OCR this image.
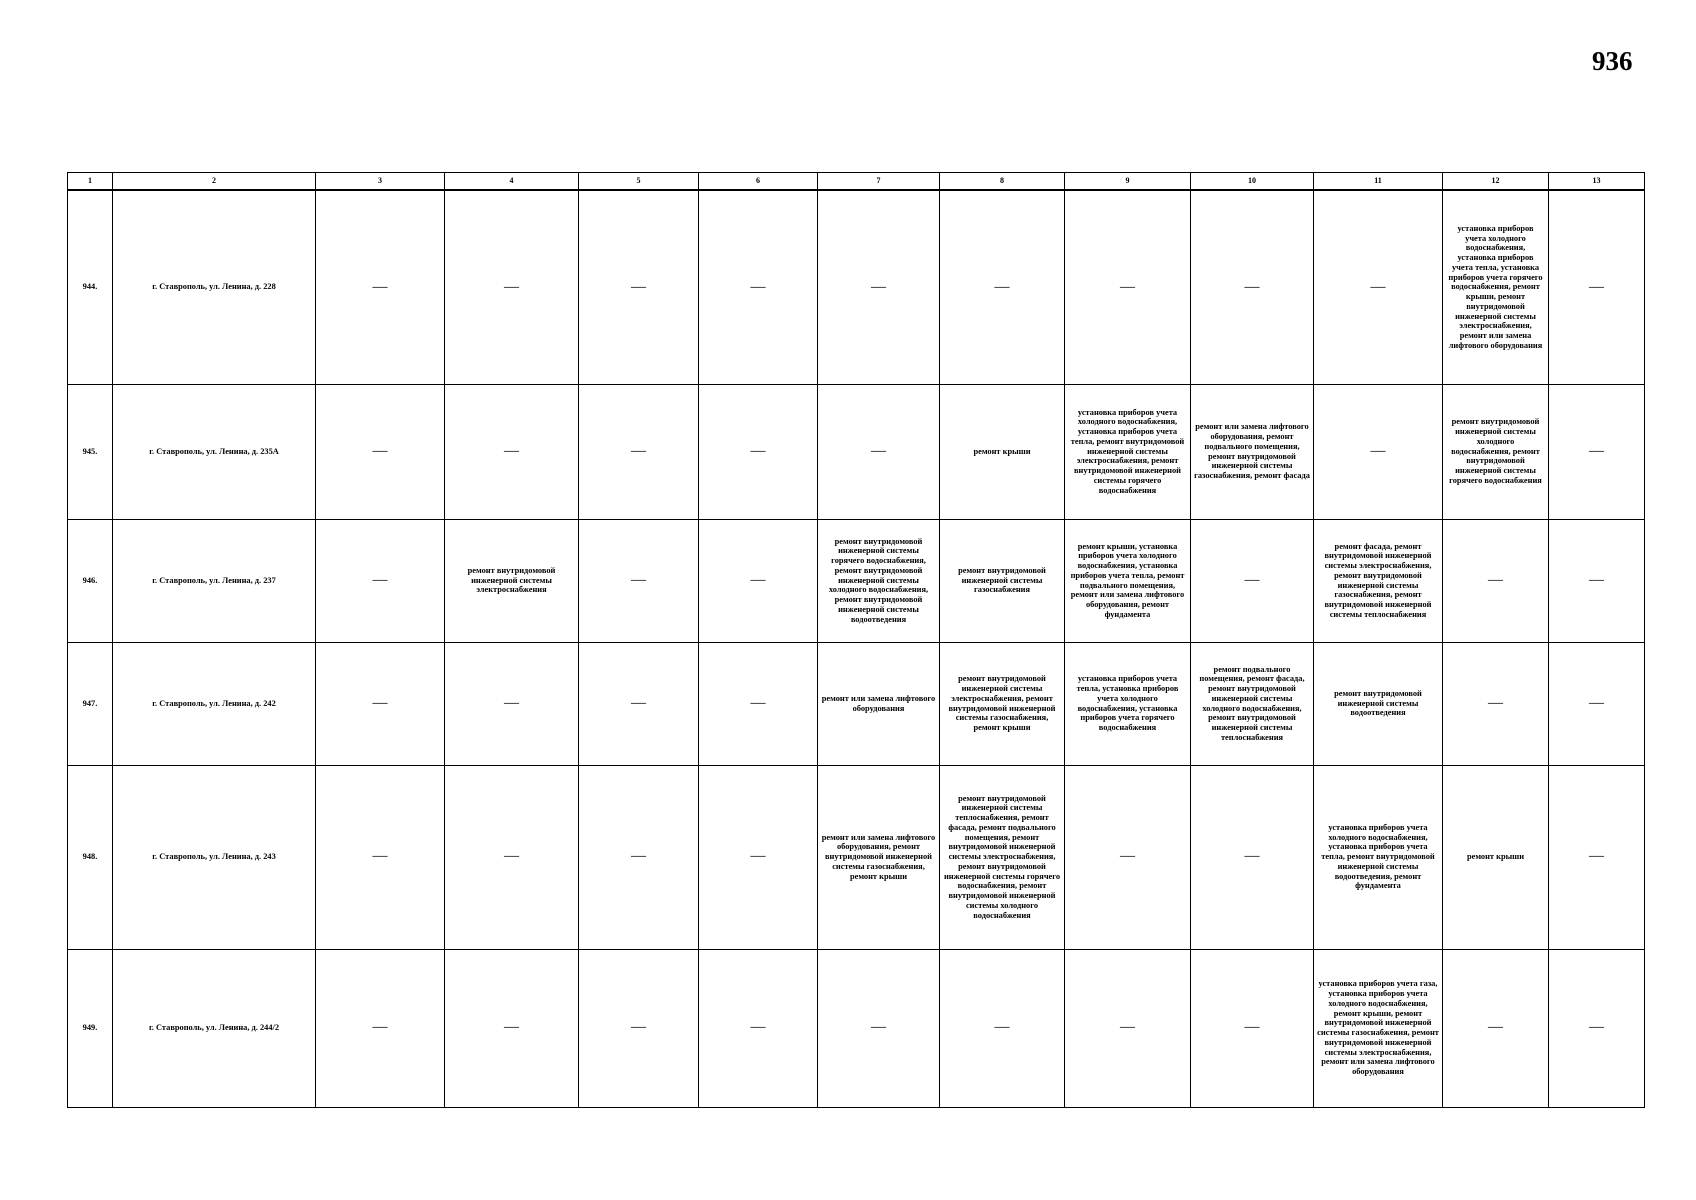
936
1	2	3	4	5	6	7	8	9	10	11	12	13
944.	г. Ставрополь, ул. Ленина, д. 228	—	—	—	—	—	—	—	—	—	установка приборов учета холодного водоснабжения, установка приборов учета тепла, установка приборов учета горячего водоснабжения, ремонт крыши, ремонт внутридомовой инженерной системы электроснабжения, ремонт или замена лифтового оборудования	—
945.	г. Ставрополь, ул. Ленина, д. 235А	—	—	—	—	—	ремонт крыши	установка приборов учета холодного водоснабжения, установка приборов учета тепла, ремонт внутридомовой инженерной системы электроснабжения, ремонт внутридомовой инженерной системы горячего водоснабжения	ремонт или замена лифтового оборудования, ремонт подвального помещения, ремонт внутридомовой инженерной системы газоснабжения, ремонт фасада	—	ремонт внутридомовой инженерной системы холодного водоснабжения, ремонт внутридомовой инженерной системы горячего водоснабжения	—
946.	г. Ставрополь, ул. Ленина, д. 237	—	ремонт внутридомовой инженерной системы электроснабжения	—	—	ремонт внутридомовой инженерной системы горячего водоснабжения, ремонт внутридомовой инженерной системы холодного водоснабжения, ремонт внутридомовой инженерной системы водоотведения	ремонт внутридомовой инженерной системы газоснабжения	ремонт крыши, установка приборов учета холодного водоснабжения, установка приборов учета тепла, ремонт подвального помещения, ремонт или замена лифтового оборудования, ремонт фундамента	—	ремонт фасада, ремонт внутридомовой инженерной системы электроснабжения, ремонт внутридомовой инженерной системы газоснабжения, ремонт внутридомовой инженерной системы теплоснабжения	—	—
947.	г. Ставрополь, ул. Ленина, д. 242	—	—	—	—	ремонт или замена лифтового оборудования	ремонт внутридомовой инженерной системы электроснабжения, ремонт внутридомовой инженерной системы газоснабжения, ремонт крыши	установка приборов учета тепла, установка приборов учета холодного водоснабжения, установка приборов учета горячего водоснабжения	ремонт подвального помещения, ремонт фасада, ремонт внутридомовой инженерной системы холодного водоснабжения, ремонт внутридомовой инженерной системы теплоснабжения	ремонт внутридомовой инженерной системы водоотведения	—	—
948.	г. Ставрополь, ул. Ленина, д. 243	—	—	—	—	ремонт или замена лифтового оборудования, ремонт внутридомовой инженерной системы газоснабжения, ремонт крыши	ремонт внутридомовой инженерной системы теплоснабжения, ремонт фасада, ремонт подвального помещения, ремонт внутридомовой инженерной системы электроснабжения, ремонт внутридомовой инженерной системы горячего водоснабжения, ремонт внутридомовой инженерной системы холодного водоснабжения	—	—	установка приборов учета холодного водоснабжения, установка приборов учета тепла, ремонт внутридомовой инженерной системы водоотведения, ремонт фундамента	ремонт крыши	—
949.	г. Ставрополь, ул. Ленина, д. 244/2	—	—	—	—	—	—	—	—	установка приборов учета газа, установка приборов учета холодного водоснабжения, ремонт крыши, ремонт внутридомовой инженерной системы газоснабжения, ремонт внутридомовой инженерной системы электроснабжения, ремонт или замена лифтового оборудования	—	—
